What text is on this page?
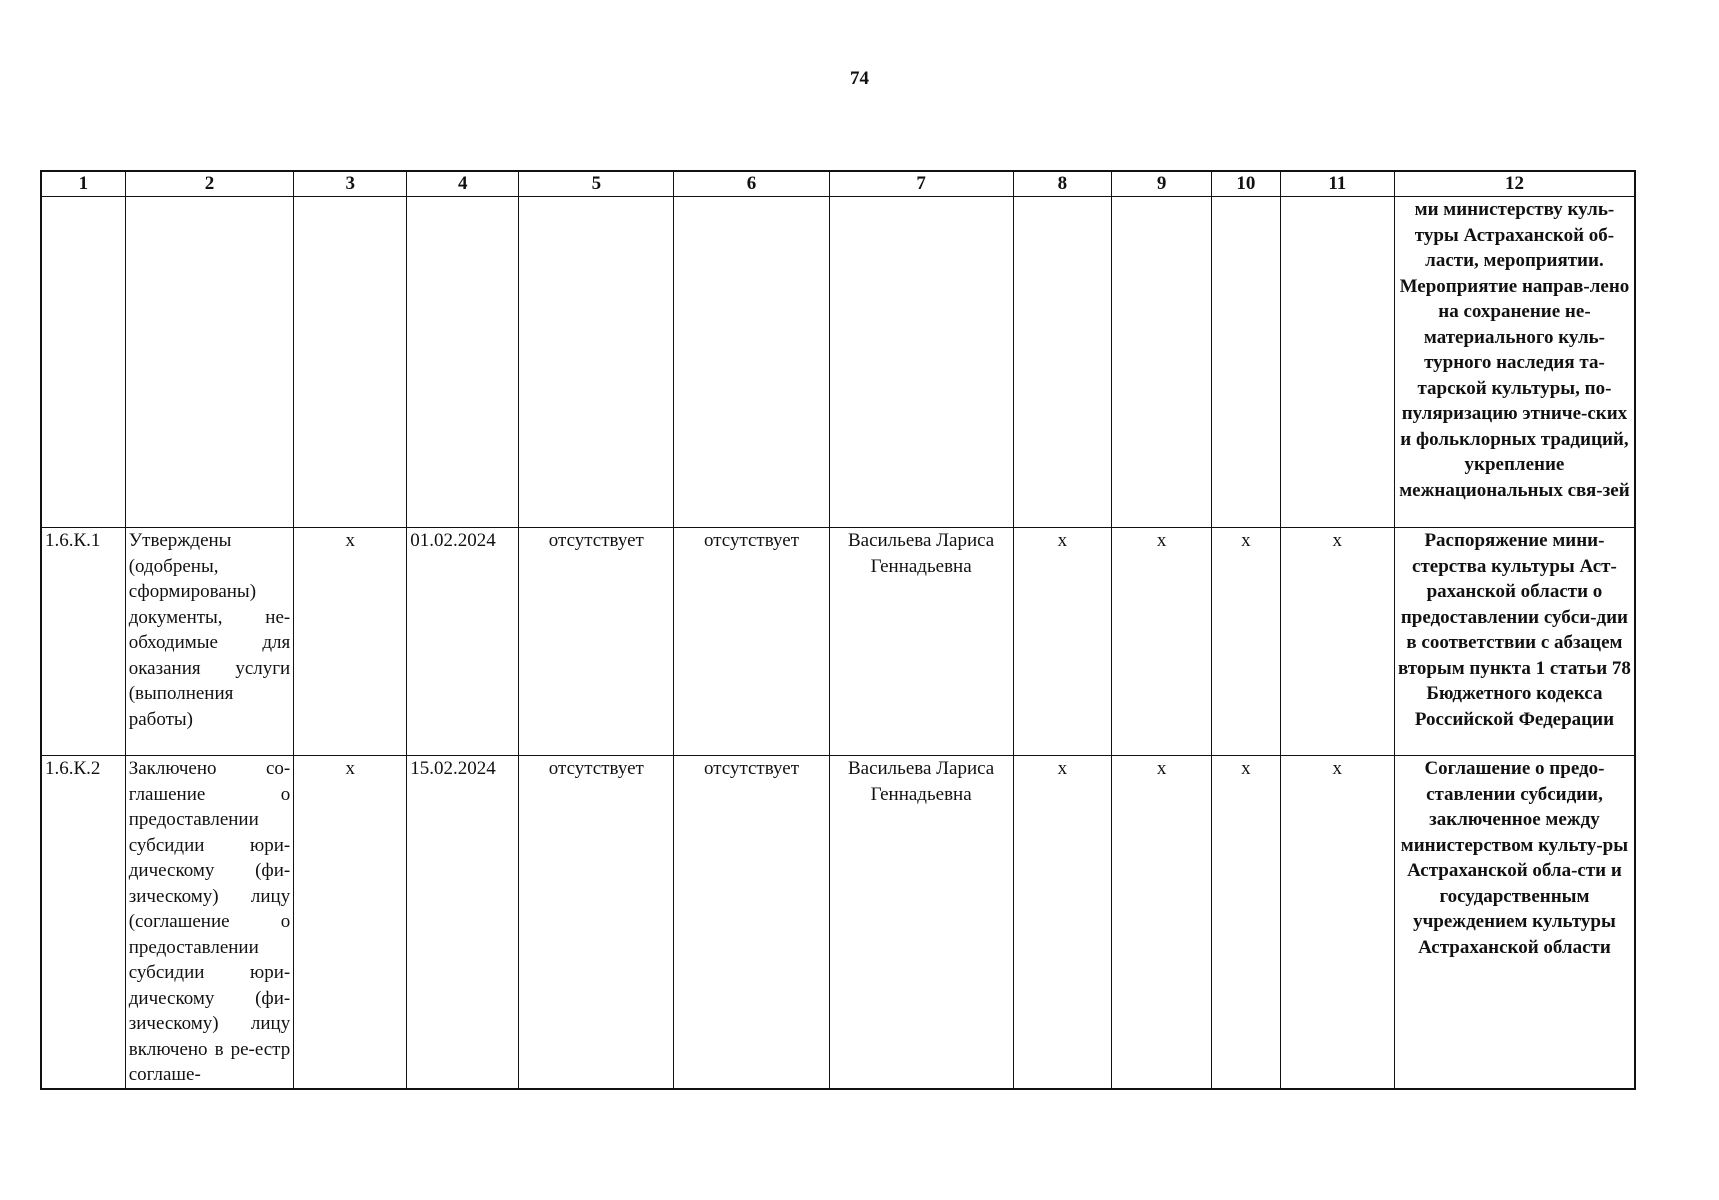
74
1	2	3	4	5	6	7	8	9	10	11	12
											ми министерству куль-туры Астраханской об-ласти, мероприятии. Мероприятие направ-лено на сохранение не-материального куль-турного наследия та-тарской культуры, по-пуляризацию этниче-ских и фольклорных традиций, укрепление межнациональных свя-зей
1.6.К.1	Утверждены (одобрены, сформированы) документы, не-обходимые для оказания услуги (выполнения работы)	x	01.02.2024	отсутствует	отсутствует	Васильева Лариса Геннадьевна	x	x	x	x	Распоряжение мини-стерства культуры Аст-раханской области о предоставлении субси-дии в соответствии с абзацем вторым пункта 1 статьи 78 Бюджетного кодекса Российской Федерации
1.6.К.2	Заключено со-глашение о предоставлении субсидии юри-дическому (фи-зическому) лицу (соглашение о предоставлении субсидии юри-дическому (фи-зическому) лицу включено в ре-естр соглаше-	x	15.02.2024	отсутствует	отсутствует	Васильева Лариса Геннадьевна	x	x	x	x	Соглашение о предо-ставлении субсидии, заключенное между министерством культу-ры Астраханской обла-сти и государственным учреждением культуры Астраханской области
